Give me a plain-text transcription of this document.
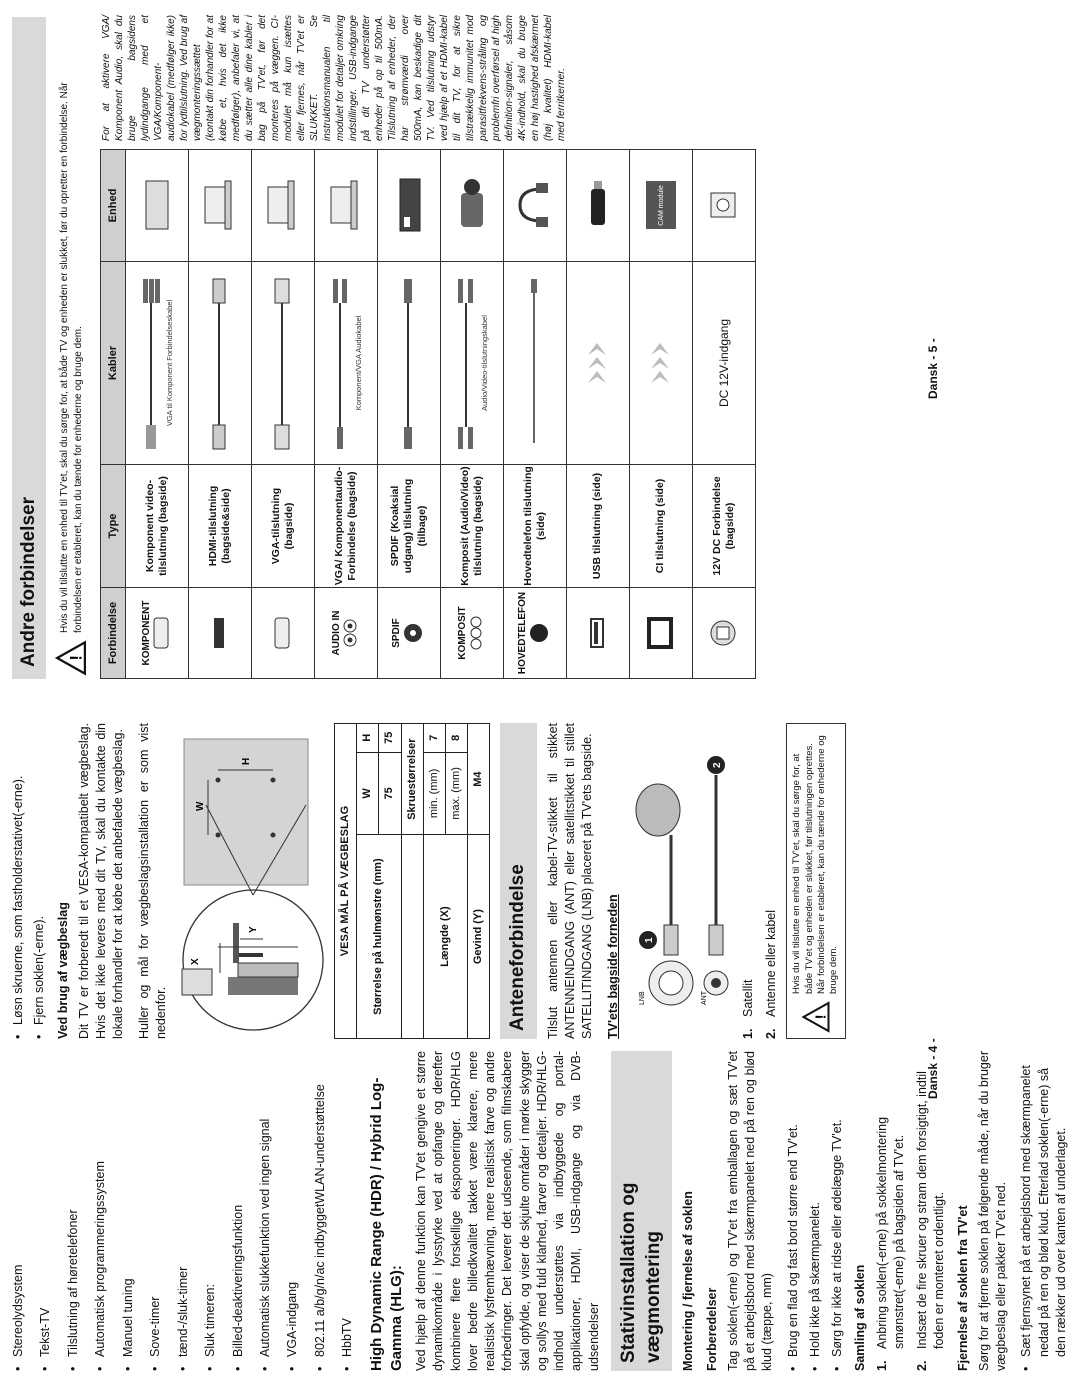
• Stereolydsystem • Tekst-TV • Tilslutning af høretelefoner • Automatisk programmeringssystem • Manuel tuning • Sove-timer • tænd-/sluk-timer • Sluk timeren: • Billed-deaktiveringsfunktion • Automatisk slukkefunktion ved ingen signal • VGA-indgang • 802.11 a/b/g/n/ac indbyggetWLAN-understøttelse • HbbTV High Dynamic Range (HDR) / Hybrid Log-Gamma (HLG): Ved hjælp af denne funktion kan TV'et gengive et større dynamikområde i lysstyrke ved at opfange og derefter kombinere flere forskellige eksponeringer. HDR/HLG lover bedre billedkvalitet takket være klarere, mere realistisk lysfremhævning, mere realistisk farve og andre forbedringer. Det leverer det udseende, som filmskabere skal opfylde, og viser de skjulte områder i mørke skygger og sollys med fuld klarhed, farver og detaljer. HDR/HLG-indhold understøttes via indbyggede og portal-applikationer, HDMI, USB-indgange og via DVB-udsendelser Stativinstallation og vægmontering	Montering / fjernelse af soklen Forberedelser Tag soklen(-erne) og TV'et fra emballagen og sæt TV'et på et arbejdsbord med skærmpanelet ned på ren og blød klud (tæppe, mm) • Brug en flad og fast bord større end TV'et. • Hold ikke på skærmpanelet. • Sørg for ikke at ridse eller ødelægge TV'et. Samling af soklen 1.
Anbring soklen(-erne) på sokkelmontering smønstret(-erne) på bagsiden af TV'et.
2.
Indsæt de fire skruer og stram dem forsigtigt, indtil foden er monteret ordentligt. Fjernelse af soklen fra TV'et Sørg for at fjerne soklen på følgende måde, når du bruger vægbeslag eller pakker TV'et ned. • Sæt fjernsynet på et arbejdsbord med skærmpanelet nedad på ren og blød klud. Efterlad soklen(-erne) så den rækker ud over kanten af underlaget.
• Løsn skruerne, som fastholderstativet(-erne). • Fjern soklen(-erne). Ved brug af vægbeslag Dit TV er forberedt til et VESA-kompatibelt vægbeslag. Hvis det ikke leveres med dit TV, skal du kontakte din lokale forhandler for at købe det anbefalede vægbeslag. Huller og mål for vægbeslagsinstallation er som vist nedenfor.
X
Y
W
H
VESA MÅL PÅ VÆGBESLAG		
Størrelse på hulmønstre (mm)	W	H
	75	75
	Skruestørrelser	
Længde (X)	min. (mm)	7
	max. (mm)	8
Gevind (Y)	M4	
Anteneforbindelse	Tilslut antennen eller kabel-TV-stikket til stikket ANTENNEINDGANG (ANT) eller satellitstikket til stillet SATELLITINDGANG (LNB) placeret på TV'ets bagside. TV'ets bagside forneden	LNB	ANT
1
2
1.
Satellit
2.
Antenne eller kabel !
Hvis du vil tilslutte en enhed til TV'et, skal du sørge for, at både TV'et og enheden er slukket, før tilslutningen oprettes. Når forbindelsen er etableret, kan du tænde for enhederne og bruge dem.
Dansk - 4 -
Andre forbindelser	!
Hvis du vil tilslutte en enhed til TV'et, skal du sørge for, at både TV og enheden er slukket, før du opretter en forbindelse. Når forbindelsen er etableret, kan du tænde for enhederne og bruge dem. Forbindelse	Type	Kabler	Enhed

KOMPONENT	Komponent video-tilslutning (bagside)	VGA til Komponent Forbindelseskabel

	HDMI-tilslutning (bagside&side)		

	VGA-tilslutning (bagside)		

AUDIO IN	VGA/ Komponentaudio-Forbindelse (bagside)	Komponent/VGA Audiokabel

SPDIF	SPDIF (Koaksial udgang) tilslutning (tilbage)		

KOMPOSIT	Komposit (Audio/Video) tilslutning (bagside)	Audio/Video-tilslutningskabel

HOVEDTELEFON	Hovedtelefon tilslutning (side)		

	USB tilslutning (side)		

	CI tilslutning (side)		CAM module

	12V DC Forbindelse (bagside)	DC 12V-indgang	
For at aktivere VGA/ Komponent Audio, skal du bruge bagsidens lydindgange med et VGA/Komponent-audiokabel (medfølger ikke) for lydtilslutning. Ved brug af vægmonteringssættet (kontakt din forhandler for at købe et, hvis det ikke medfølger), anbefaler vi, at du sætter alle dine kabler i bag på TV'et, før det monteres på væggen. CI-modulet må kun isættes eller fjernes, når TV'et er SLUKKET. Se instruktionsmanualen til modulet for detaljer omkring indstillinger. USB-indgange på dit TV understøtter enheder på op til 500mA. Tilslutning af enheder, der har strømværdi over 500mA, kan beskadige dit TV. Ved tilslutning udstyr ved hjælp af et HDMI-kabel til dit TV, for at sikre tilstrækkelig immunitet mod parasitfrekvens-stråling og problemfri overførsel af high definition-signaler, såsom 4K-indhold, skal du bruge en høj hastighed afskærmet (høj kvalitet) HDMI-kabel med ferritkerner.
Dansk - 5 -
